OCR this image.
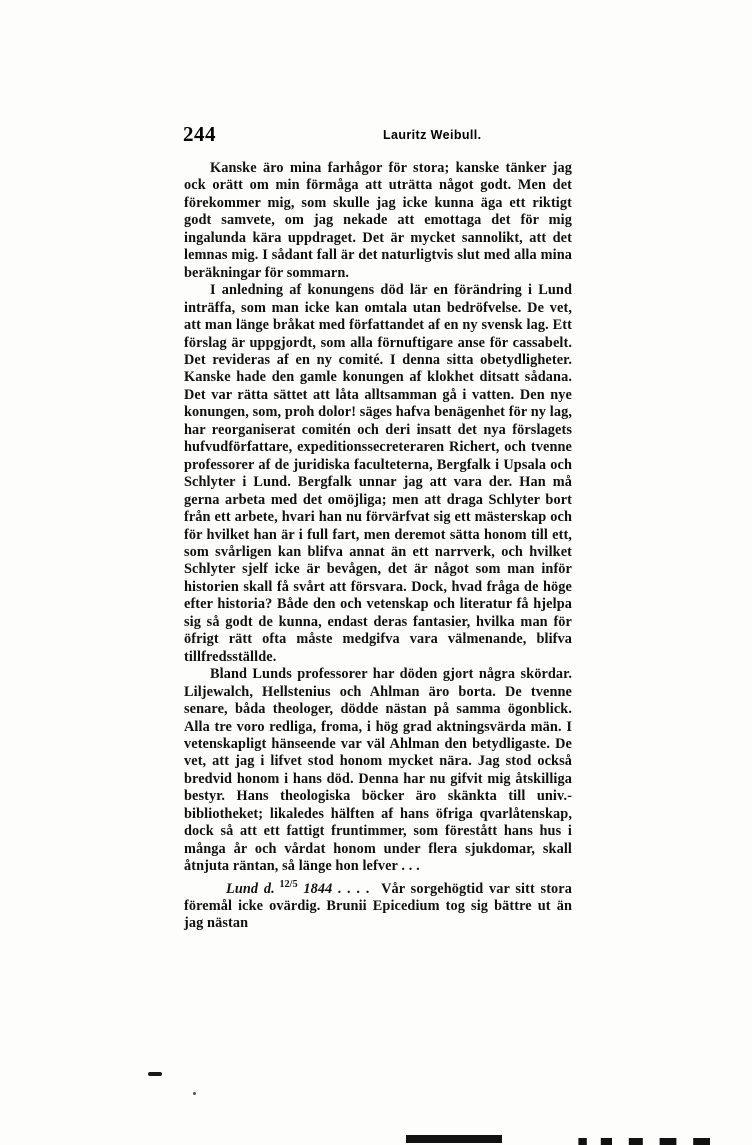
244	Lauritz Weibull.

Kanske äro mina farhågor för stora; kanske tänker jag ock orätt om min förmåga att uträtta något godt. Men det förekommer mig, som skulle jag icke kunna äga ett riktigt godt samvete, om jag nekade att emottaga det för mig ingalunda kära uppdraget. Det är mycket sannolikt, att det lemnas mig. I sådant fall är det naturligtvis slut med alla mina beräkningar för sommarn.

I anledning af konungens död lär en förändring i Lund inträffa, som man icke kan omtala utan bedröfvelse. De vet, att man länge bråkat med författandet af en ny svensk lag. Ett förslag är uppgjordt, som alla förnuftigare anse för cassabelt. Det revideras af en ny comité. I denna sitta obetydligheter. Kanske hade den gamle konungen af klokhet ditsatt sådana. Det var rätta sättet att låta alltsamman gå i vatten. Den nye konungen, som, proh dolor! säges hafva benägenhet för ny lag, har reorganiserat comitén och deri insatt det nya förslagets hufvudförfattare, expeditionssecreteraren Richert, och tvenne professorer af de juridiska faculteterna, Bergfalk i Upsala och Schlyter i Lund. Bergfalk unnar jag att vara der. Han må gerna arbeta med det omöjliga; men att draga Schlyter bort från ett arbete, hvari han nu förvärfvat sig ett mästerskap och för hvilket han är i full fart, men deremot sätta honom till ett, som svårligen kan blifva annat än ett narrverk, och hvilket Schlyter sjelf icke är bevågen, det är något som man inför historien skall få svårt att försvara. Dock, hvad fråga de höge efter historia? Både den och vetenskap och literatur få hjelpa sig så godt de kunna, endast deras fantasier, hvilka man för öfrigt rätt ofta måste medgifva vara välmenande, blifva tillfredsställde.

Bland Lunds professorer har döden gjort några skördar. Liljewalch, Hellstenius och Ahlman äro borta. De tvenne senare, båda theologer, dödde nästan på samma ögonblick. Alla tre voro redliga, froma, i hög grad aktningsvärda män. I vetenskapligt hänseende var väl Ahlman den betydligaste. De vet, att jag i lifvet stod honom mycket nära. Jag stod också bredvid honom i hans död. Denna har nu gifvit mig åtskilliga bestyr. Hans theologiska böcker äro skänkta till univ.-bibliotheket; likaledes hälften af hans öfriga qvarlåtenskap, dock så att ett fattigt fruntimmer, som förestått hans hus i många år och vårdat honom under flera sjukdomar, skall åtnjuta räntan, så länge hon lefver . . .

Lund d. $^{12/5}$ 1844 . . . . Vår sorgehögtid var sitt stora föremål icke ovärdig. Brunii Epicedium tog sig bättre ut än jag nästan
